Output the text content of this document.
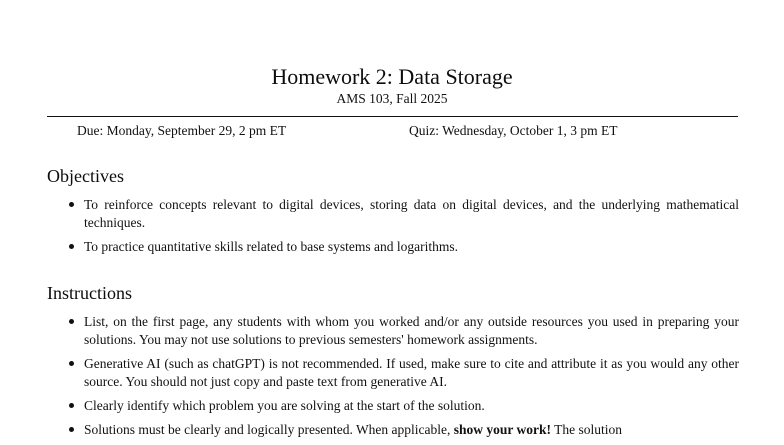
Homework 2: Data Storage
AMS 103, Fall 2025
Due: Monday, September 29, 2 pm ET	Quiz: Wednesday, October 1, 3 pm ET
Objectives
To reinforce concepts relevant to digital devices, storing data on digital devices, and the underlying mathematical techniques.
To practice quantitative skills related to base systems and logarithms.
Instructions
List, on the first page, any students with whom you worked and/or any outside resources you used in preparing your solutions. You may not use solutions to previous semesters' homework assignments.
Generative AI (such as chatGPT) is not recommended. If used, make sure to cite and attribute it as you would any other source. You should not just copy and paste text from generative AI.
Clearly identify which problem you are solving at the start of the solution.
Solutions must be clearly and logically presented. When applicable, show your work! The solution
